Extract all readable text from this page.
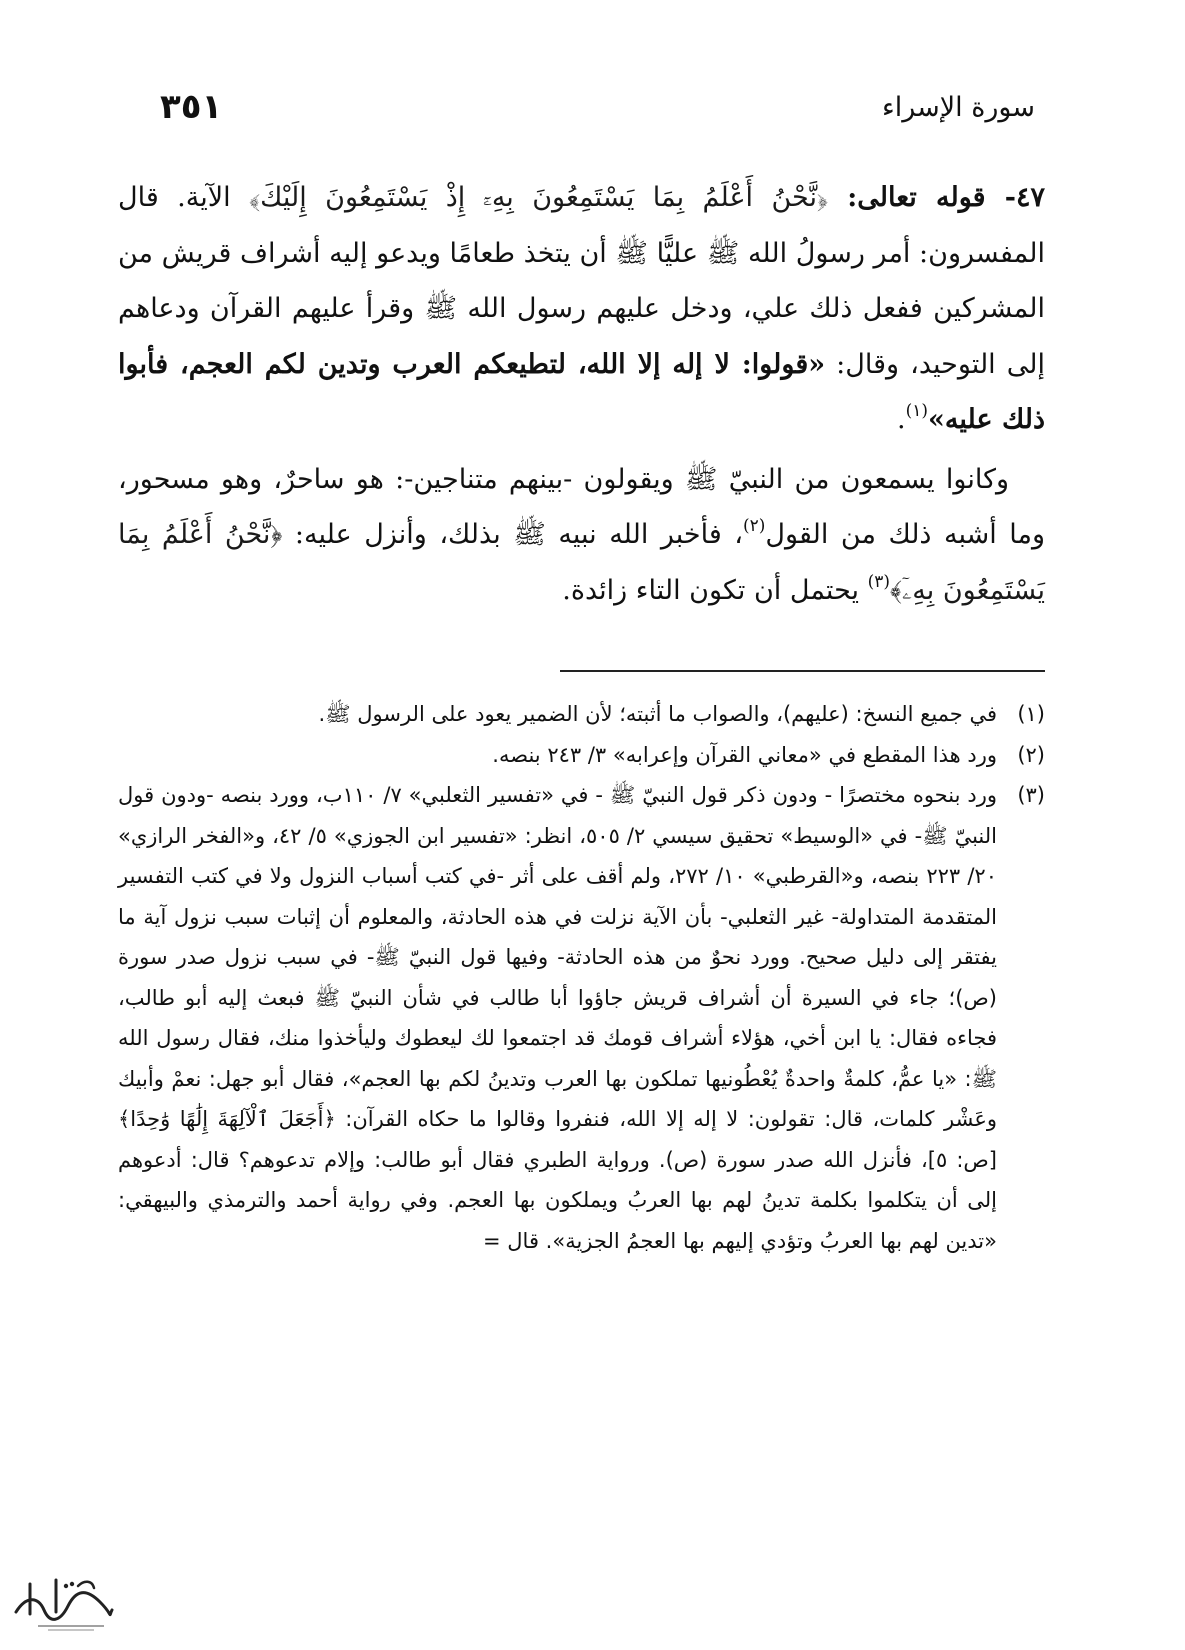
سورة الإسراء
٣٥١

٤٧- قوله تعالى: ﴿نَّحْنُ أَعْلَمُ بِمَا يَسْتَمِعُونَ بِهِۦٓ إِذْ يَسْتَمِعُونَ إِلَيْكَ﴾ الآية. قال المفسرون: أمر رسولُ الله ﷺ عليًّا ﷺ أن يتخذ طعامًا ويدعو إليه أشراف قريش من المشركين ففعل ذلك علي، ودخل عليهم رسول الله ﷺ وقرأ عليهم القرآن ودعاهم إلى التوحيد، وقال: «قولوا: لا إله إلا الله، لتطيعكم العرب وتدين لكم العجم، فأبوا ذلك عليه»$^{(١)}$.

وكانوا يسمعون من النبيّ ﷺ ويقولون -بينهم متناجين-: هو ساحرٌ، وهو مسحور، وما أشبه ذلك من القول$^{(٢)}$، فأخبر الله نبيه ﷺ بذلك، وأنزل عليه: ﴿نَّحْنُ أَعْلَمُ بِمَا يَسْتَمِعُونَ بِهِۦٓ﴾$^{(٣)}$ يحتمل أن تكون التاء زائدة.

(١)
في جميع النسخ: (عليهم)، والصواب ما أثبته؛ لأن الضمير يعود على الرسول ﷺ.
(٢)
ورد هذا المقطع في «معاني القرآن وإعرابه» ٣/ ٢٤٣ بنصه.
(٣)
ورد بنحوه مختصرًا - ودون ذكر قول النبيّ ﷺ - في «تفسير الثعلبي» ٧/ ١١٠ب، وورد بنصه -ودون قول النبيّ ﷺ- في «الوسيط» تحقيق سيسي ٢/ ٥٠٥، انظر: «تفسير ابن الجوزي» ٥/ ٤٢، و«الفخر الرازي» ٢٠/ ٢٢٣ بنصه، و«القرطبي» ١٠/ ٢٧٢، ولم أقف على أثر -في كتب أسباب النزول ولا في كتب التفسير المتقدمة المتداولة- غير الثعلبي- بأن الآية نزلت في هذه الحادثة، والمعلوم أن إثبات سبب نزول آية ما يفتقر إلى دليل صحيح. وورد نحوٌ من هذه الحادثة- وفيها قول النبيّ ﷺ- في سبب نزول صدر سورة (ص)؛ جاء في السيرة أن أشراف قريش جاؤوا أبا طالب في شأن النبيّ ﷺ فبعث إليه أبو طالب، فجاءه فقال: يا ابن أخي، هؤلاء أشراف قومك قد اجتمعوا لك ليعطوك وليأخذوا منك، فقال رسول الله ﷺ: «يا عمُّ، كلمةٌ واحدةٌ يُعْطُونيها تملكون بها العرب وتدينُ لكم بها العجم»، فقال أبو جهل: نعمْ وأبيك وعَشْر كلمات، قال: تقولون: لا إله إلا الله، فنفروا وقالوا ما حكاه القرآن: ﴿أَجَعَلَ ٱلْآلِهَةَ إِلَٰهًا وَٰحِدًا﴾ [ص: ٥]، فأنزل الله صدر سورة (ص). ورواية الطبري فقال أبو طالب: وإلام تدعوهم؟ قال: أدعوهم إلى أن يتكلموا بكلمة تدينُ لهم بها العربُ ويملكون بها العجم. وفي رواية أحمد والترمذي والبيهقي: «تدين لهم بها العربُ وتؤدي إليهم بها العجمُ الجزية». قال =
